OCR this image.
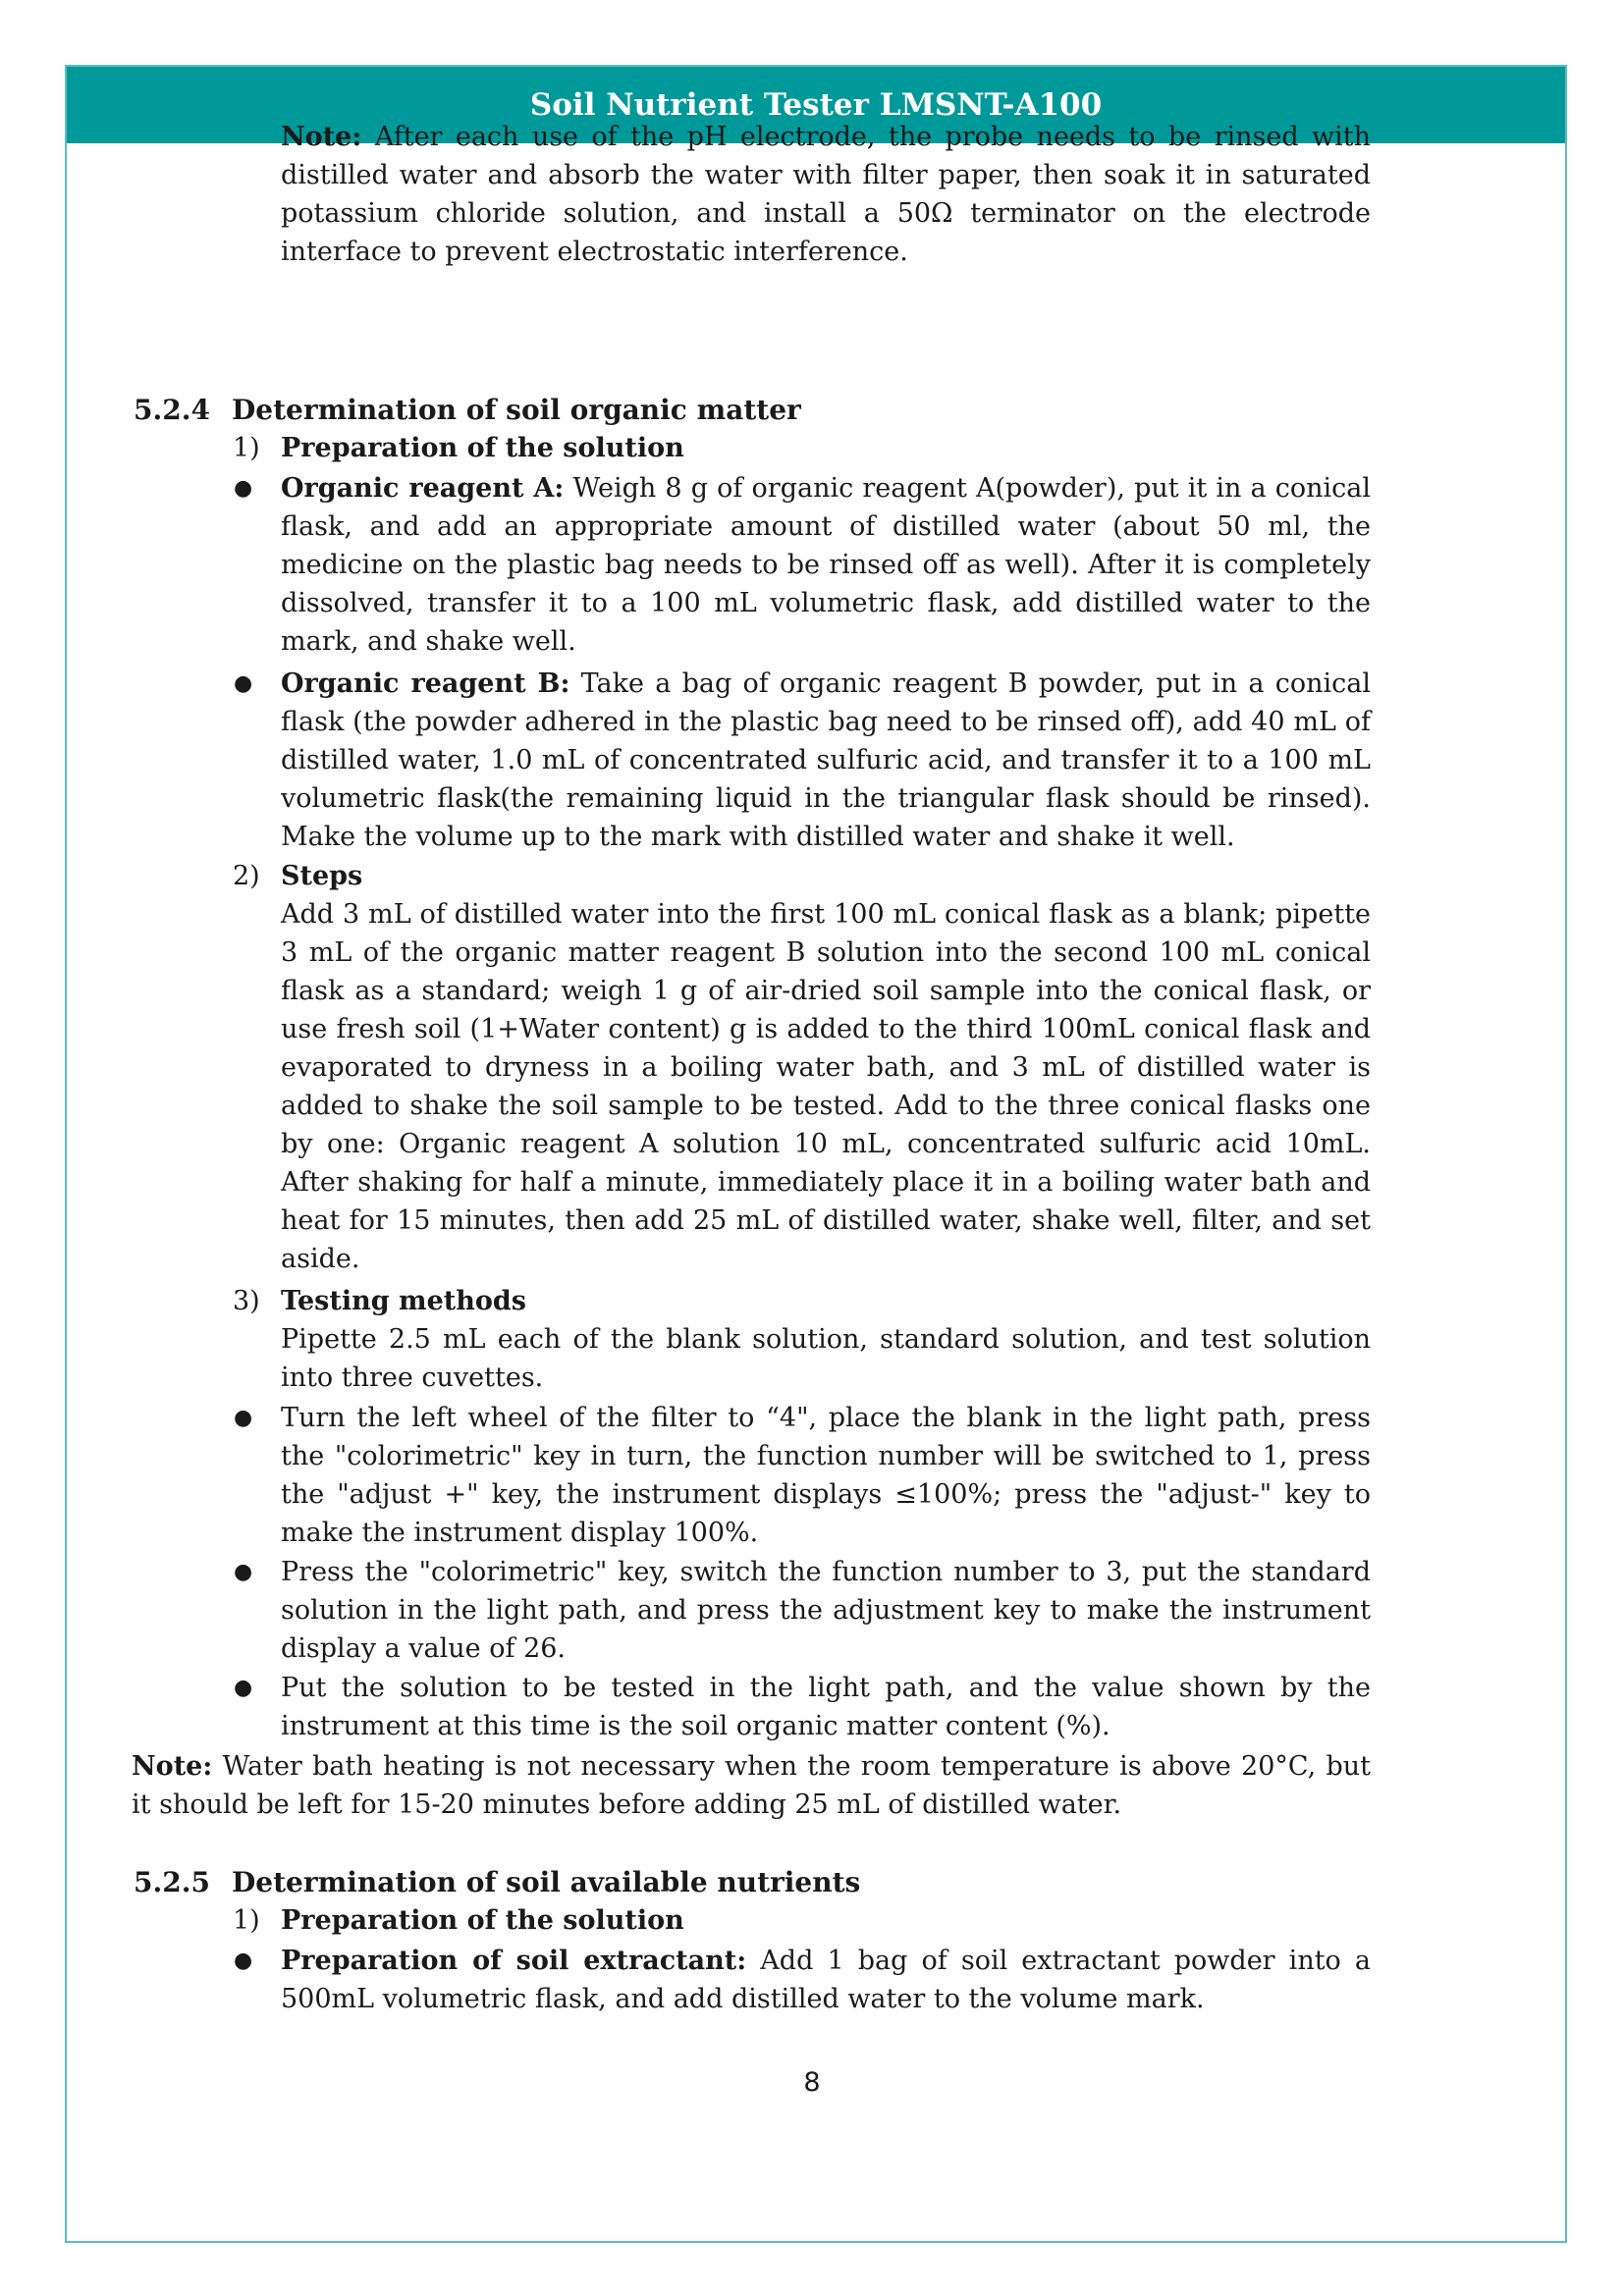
Soil Nutrient Tester LMSNT-A100

Note: After each use of the pH electrode, the probe needs to be rinsed with distilled water and absorb the water with filter paper, then soak it in saturated potassium chloride solution, and install a 50Ω terminator on the electrode interface to prevent electrostatic interference.

5.2.4 Determination of soil organic matter
1) Preparation of the solution
● Organic reagent A: Weigh 8 g of organic reagent A(powder), put it in a conical flask, and add an appropriate amount of distilled water (about 50 ml, the medicine on the plastic bag needs to be rinsed off as well). After it is completely dissolved, transfer it to a 100 mL volumetric flask, add distilled water to the mark, and shake well.

● Organic reagent B: Take a bag of organic reagent B powder, put in a conical flask (the powder adhered in the plastic bag need to be rinsed off), add 40 mL of distilled water, 1.0 mL of concentrated sulfuric acid, and transfer it to a 100 mL volumetric flask(the remaining liquid in the triangular flask should be rinsed). Make the volume up to the mark with distilled water and shake it well.

2) Steps

Add 3 mL of distilled water into the first 100 mL conical flask as a blank; pipette 3 mL of the organic matter reagent B solution into the second 100 mL conical flask as a standard; weigh 1 g of air-dried soil sample into the conical flask, or use fresh soil (1+Water content) g is added to the third 100mL conical flask and evaporated to dryness in a boiling water bath, and 3 mL of distilled water is added to shake the soil sample to be tested. Add to the three conical flasks one by one: Organic reagent A solution 10 mL, concentrated sulfuric acid 10mL. After shaking for half a minute, immediately place it in a boiling water bath and heat for 15 minutes, then add 25 mL of distilled water, shake well, filter, and set aside.

3) Testing methods

Pipette 2.5 mL each of the blank solution, standard solution, and test solution into three cuvettes.

● Turn the left wheel of the filter to “4", place the blank in the light path, press the "colorimetric" key in turn, the function number will be switched to 1, press the "adjust +" key, the instrument displays ≤100%; press the "adjust-" key to make the instrument display 100%.

● Press the "colorimetric" key, switch the function number to 3, put the standard solution in the light path, and press the adjustment key to make the instrument display a value of 26.

● Put the solution to be tested in the light path, and the value shown by the instrument at this time is the soil organic matter content (%).

Note: Water bath heating is not necessary when the room temperature is above 20°C, but it should be left for 15-20 minutes before adding 25 mL of distilled water.

5.2.5 Determination of soil available nutrients
1) Preparation of the solution
● Preparation of soil extractant: Add 1 bag of soil extractant powder into a 500mL volumetric flask, and add distilled water to the volume mark.

8
